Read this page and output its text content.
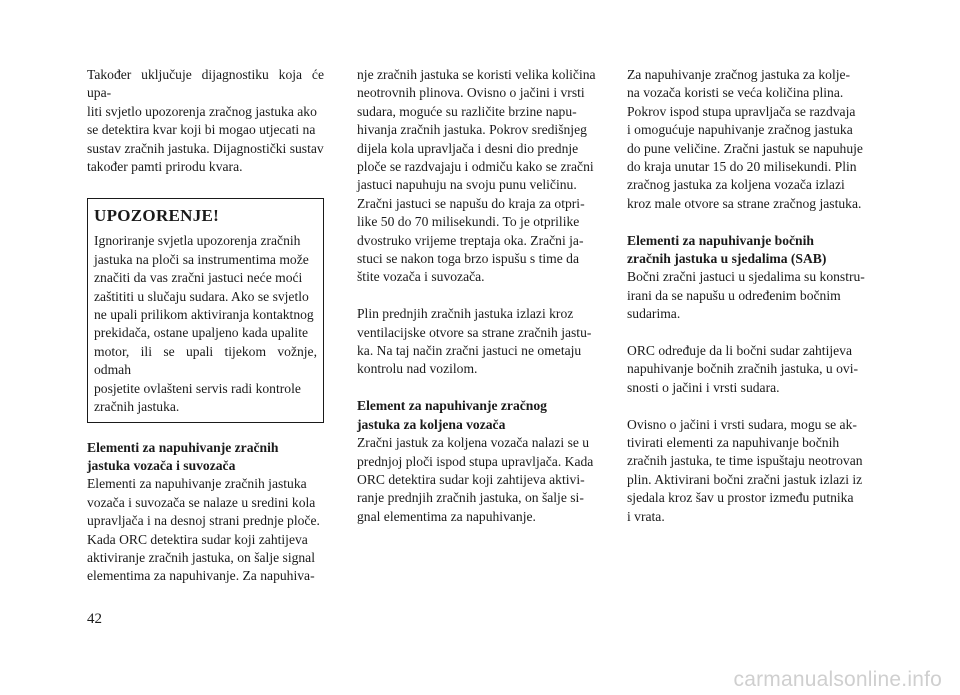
Također uključuje dijagnostiku koja će upa-
liti svjetlo upozorenja zračnog jastuka ako
se detektira kvar koji bi mogao utjecati na
sustav zračnih jastuka. Dijagnostički sustav
također pamti prirodu kvara.

UPOZORENJE!

Ignoriranje svjetla upozorenja zračnih
jastuka na ploči sa instrumentima može
značiti da vas zračni jastuci neće moći
zaštititi u slučaju sudara. Ako se svjetlo
ne upali prilikom aktiviranja kontaktnog
prekidača, ostane upaljeno kada upalite
motor, ili se upali tijekom vožnje, odmah
posjetite ovlašteni servis radi kontrole
zračnih jastuka.

Elementi za napuhivanje zračnih
jastuka vozača i suvozača

Elementi za napuhivanje zračnih jastuka
vozača i suvozača se nalaze u sredini kola
upravljača i na desnoj strani prednje ploče.
Kada ORC detektira sudar koji zahtijeva
aktiviranje zračnih jastuka, on šalje signal
elementima za napuhivanje. Za napuhiva-

nje zračnih jastuka se koristi velika količina
neotrovnih plinova. Ovisno o jačini i vrsti
sudara, moguće su različite brzine napu-
hivanja zračnih jastuka. Pokrov središnjeg
dijela kola upravljača i desni dio prednje
ploče se razdvajaju i odmiču kako se zračni
jastuci napuhuju na svoju punu veličinu.
Zračni jastuci se napušu do kraja za otpri-
like 50 do 70 milisekundi. To je otprilike
dvostruko vrijeme treptaja oka. Zračni ja-
stuci se nakon toga brzo ispušu s time da
štite vozača i suvozača.

Plin prednjih zračnih jastuka izlazi kroz
ventilacijske otvore sa strane zračnih jastu-
ka. Na taj način zračni jastuci ne ometaju
kontrolu nad vozilom.

Element za napuhivanje zračnog
jastuka za koljena vozača

Zračni jastuk za koljena vozača nalazi se u
prednjoj ploči ispod stupa upravljača. Kada
ORC detektira sudar koji zahtijeva aktivi-
ranje prednjih zračnih jastuka, on šalje si-
gnal elementima za napuhivanje.

Za napuhivanje zračnog jastuka za kolje-
na vozača koristi se veća količina plina.
Pokrov ispod stupa upravljača se razdvaja
i omogućuje napuhivanje zračnog jastuka
do pune veličine. Zračni jastuk se napuhuje
do kraja unutar 15 do 20 milisekundi. Plin
zračnog jastuka za koljena vozača izlazi
kroz male otvore sa strane zračnog jastuka.

Elementi za napuhivanje bočnih
zračnih jastuka u sjedalima (SAB)

Bočni zračni jastuci u sjedalima su konstru-
irani da se napušu u određenim bočnim
sudarima.

ORC određuje da li bočni sudar zahtijeva
napuhivanje bočnih zračnih jastuka, u ovi-
snosti o jačini i vrsti sudara.

Ovisno o jačini i vrsti sudara, mogu se ak-
tivirati elementi za napuhivanje bočnih
zračnih jastuka, te time ispuštaju neotrovan
plin. Aktivirani bočni zračni jastuk izlazi iz
sjedala kroz šav u prostor između putnika
i vrata.

42
carmanualsonline.info
